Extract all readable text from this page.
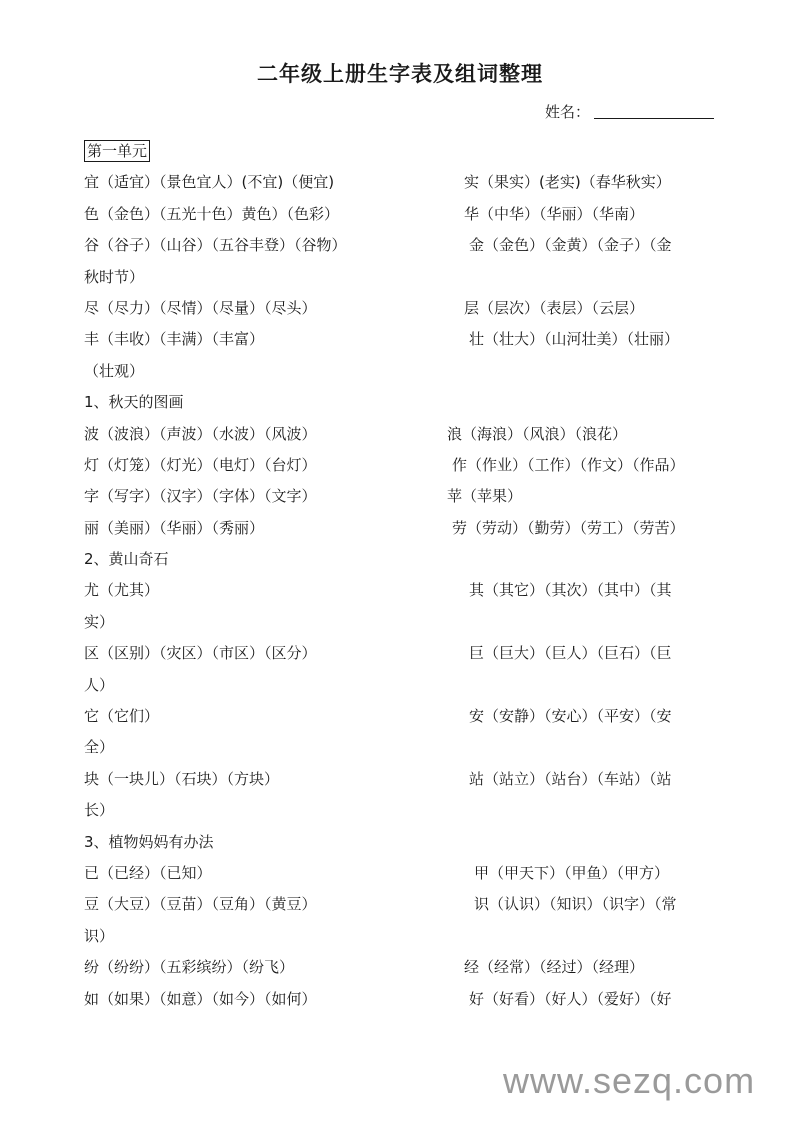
二年级上册生字表及组词整理
姓名：
第一单元
宜（适宜）（景色宜人）(不宜)（便宜)	实（果实）(老实)（春华秋实）
色（金色）（五光十色）黄色）（色彩）	华（中华）（华丽）（华南）
谷（谷子）（山谷）（五谷丰登）（谷物）	金（金色）（金黄）（金子）（金
秋时节）
尽（尽力）（尽情）（尽量）（尽头）	层（层次）（表层）（云层）
丰（丰收）（丰满）（丰富）	壮（壮大）（山河壮美）（壮丽）
（壮观）
1、秋天的图画
波（波浪）（声波）（水波）（风波）	浪（海浪）（风浪）（浪花）
灯（灯笼）（灯光）（电灯）（台灯）	作（作业）（工作）（作文）（作品）
字（写字）（汉字）（字体）（文字）	苹（苹果）
丽（美丽）（华丽）（秀丽）	劳（劳动）（勤劳）（劳工）（劳苦）
2、黄山奇石
尤（尤其）	其（其它）（其次）（其中）（其
实）
区（区别）（灾区）（市区）（区分）	巨（巨大）（巨人）（巨石）（巨
人）
它（它们）	安（安静）（安心）（平安）（安
全）
块（一块儿）（石块）（方块）	站（站立）（站台）（车站）（站
长）
3、植物妈妈有办法
已（已经）（已知）	甲（甲天下）（甲鱼）（甲方）
豆（大豆）（豆苗）（豆角）（黄豆）	识（认识）（知识）（识字）（常
识）
纷（纷纷）（五彩缤纷）（纷飞）	经（经常）（经过）（经理）
如（如果）（如意）（如今）（如何）	好（好看）（好人）（爱好）（好
www.sezq.com
